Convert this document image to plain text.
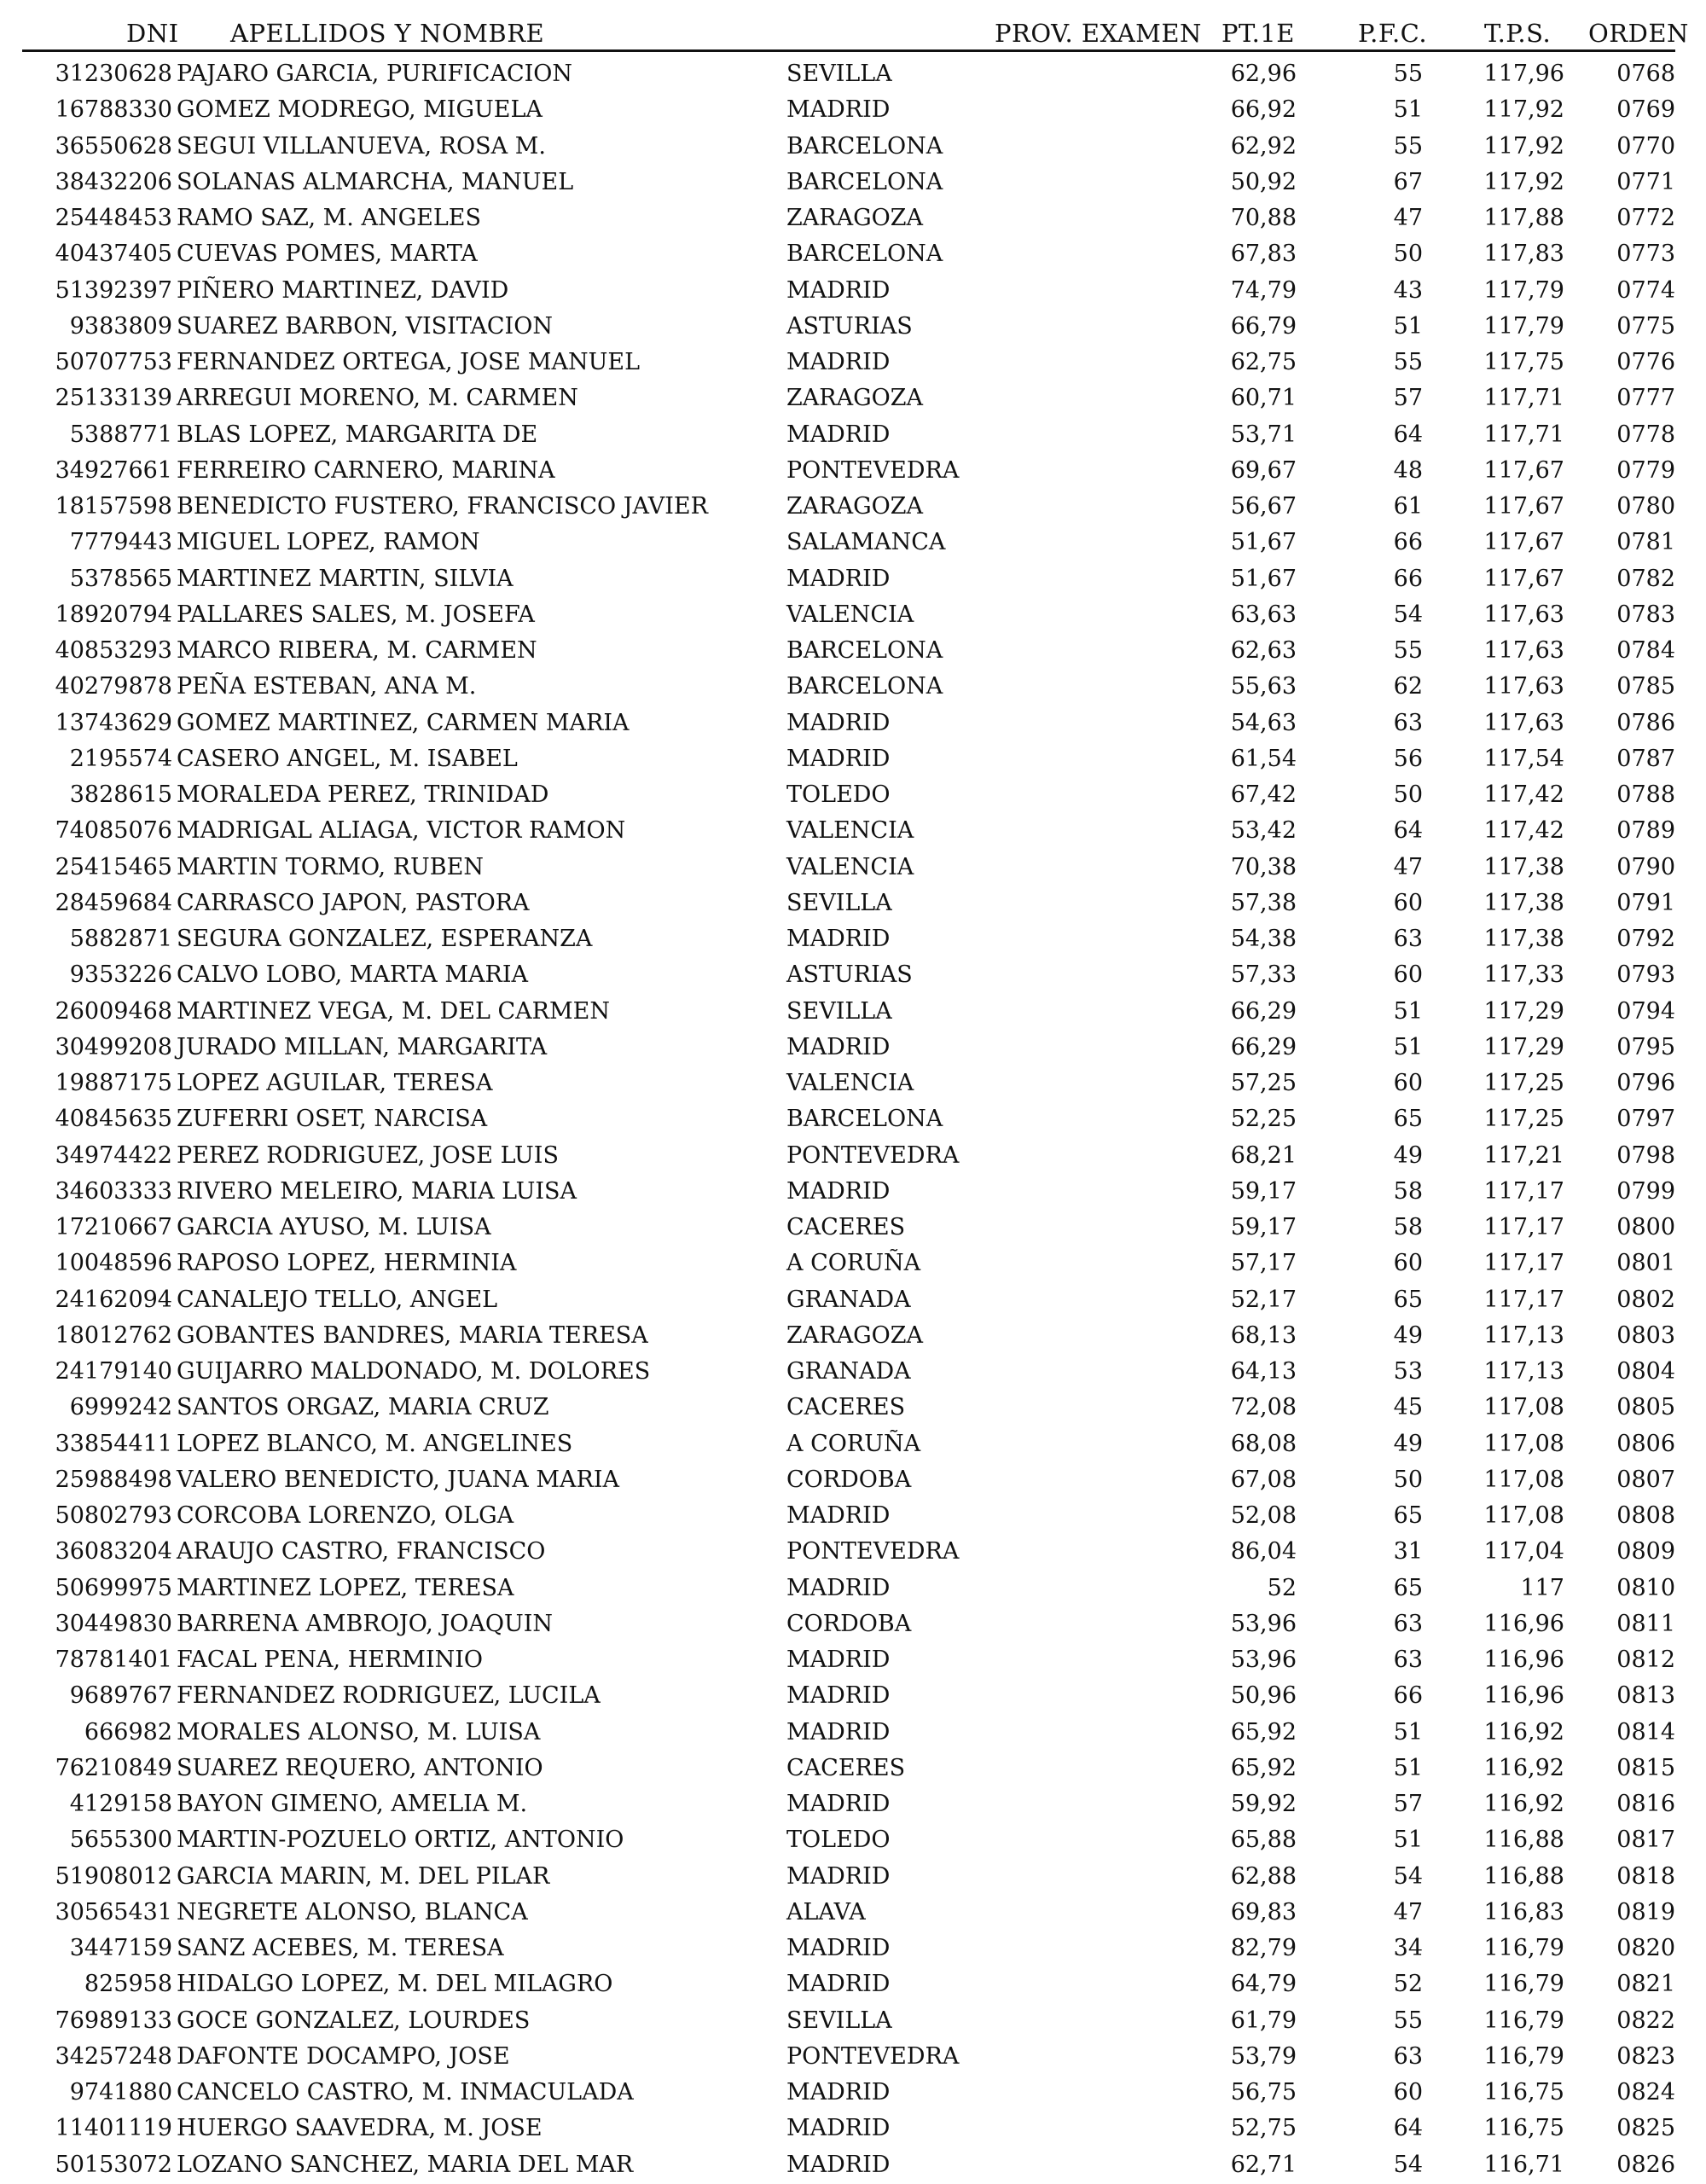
DNI APELLIDOS Y NOMBRE	PROV. EXAMEN PT.1E	P.F.C. T.P.S. ORDEN
31230628 PAJARO GARCIA, PURIFICACION	SEVILLA	62,96	55	117,96 0768
16788330 GOMEZ MODREGO, MIGUELA	MADRID	66,92	51	117,92 0769
36550628 SEGUI VILLANUEVA, ROSA M.	BARCELONA	62,92	55	117,92 0770
38432206 SOLANAS ALMARCHA, MANUEL	BARCELONA	50,92	67	117,92 0771
25448453 RAMO SAZ, M. ANGELES	ZARAGOZA	70,88	47	117,88 0772
40437405 CUEVAS POMES, MARTA	BARCELONA	67,83	50	117,83 0773
51392397 PIÑERO MARTINEZ, DAVID	MADRID	74,79	43	117,79 0774
9383809 SUAREZ BARBON, VISITACION	ASTURIAS	66,79	51	117,79 0775
50707753 FERNANDEZ ORTEGA, JOSE MANUEL	MADRID	62,75	55	117,75 0776
25133139 ARREGUI MORENO, M. CARMEN	ZARAGOZA	60,71	57	117,71 0777
5388771 BLAS LOPEZ, MARGARITA DE	MADRID	53,71	64	117,71 0778
34927661 FERREIRO CARNERO, MARINA	PONTEVEDRA	69,67	48	117,67 0779
18157598 BENEDICTO FUSTERO, FRANCISCO JAVIER	ZARAGOZA	56,67	61	117,67 0780
7779443 MIGUEL LOPEZ, RAMON	SALAMANCA	51,67	66	117,67 0781
5378565 MARTINEZ MARTIN, SILVIA	MADRID	51,67	66	117,67 0782
18920794 PALLARES SALES, M. JOSEFA	VALENCIA	63,63	54	117,63 0783
40853293 MARCO RIBERA, M. CARMEN	BARCELONA	62,63	55	117,63 0784
40279878 PEÑA ESTEBAN, ANA M.	BARCELONA	55,63	62	117,63 0785
13743629 GOMEZ MARTINEZ, CARMEN MARIA	MADRID	54,63	63	117,63 0786
2195574 CASERO ANGEL, M. ISABEL	MADRID	61,54	56	117,54 0787
3828615 MORALEDA PEREZ, TRINIDAD	TOLEDO	67,42	50	117,42 0788
74085076 MADRIGAL ALIAGA, VICTOR RAMON	VALENCIA	53,42	64	117,42 0789
25415465 MARTIN TORMO, RUBEN	VALENCIA	70,38	47	117,38 0790
28459684 CARRASCO JAPON, PASTORA	SEVILLA	57,38	60	117,38 0791
5882871 SEGURA GONZALEZ, ESPERANZA	MADRID	54,38	63	117,38 0792
9353226 CALVO LOBO, MARTA MARIA	ASTURIAS	57,33	60	117,33 0793
26009468 MARTINEZ VEGA, M. DEL CARMEN	SEVILLA	66,29	51	117,29 0794
30499208 JURADO MILLAN, MARGARITA	MADRID	66,29	51	117,29 0795
19887175 LOPEZ AGUILAR, TERESA	VALENCIA	57,25	60	117,25 0796
40845635 ZUFERRI OSET, NARCISA	BARCELONA	52,25	65	117,25 0797
34974422 PEREZ RODRIGUEZ, JOSE LUIS	PONTEVEDRA	68,21	49	117,21 0798
34603333 RIVERO MELEIRO, MARIA LUISA	MADRID	59,17	58	117,17 0799
17210667 GARCIA AYUSO, M. LUISA	CACERES	59,17	58	117,17 0800
10048596 RAPOSO LOPEZ, HERMINIA	A CORUÑA	57,17	60	117,17 0801
24162094 CANALEJO TELLO, ANGEL	GRANADA	52,17	65	117,17 0802
18012762 GOBANTES BANDRES, MARIA TERESA	ZARAGOZA	68,13	49	117,13 0803
24179140 GUIJARRO MALDONADO, M. DOLORES	GRANADA	64,13	53	117,13 0804
6999242 SANTOS ORGAZ, MARIA CRUZ	CACERES	72,08	45	117,08 0805
33854411 LOPEZ BLANCO, M. ANGELINES	A CORUÑA	68,08	49	117,08 0806
25988498 VALERO BENEDICTO, JUANA MARIA	CORDOBA	67,08	50	117,08 0807
50802793 CORCOBA LORENZO, OLGA	MADRID	52,08	65	117,08 0808
36083204 ARAUJO CASTRO, FRANCISCO	PONTEVEDRA	86,04	31	117,04 0809
50699975 MARTINEZ LOPEZ, TERESA	MADRID	52	65	117 0810
30449830 BARRENA AMBROJO, JOAQUIN	CORDOBA	53,96	63	116,96 0811
78781401 FACAL PENA, HERMINIO	MADRID	53,96	63	116,96 0812
9689767 FERNANDEZ RODRIGUEZ, LUCILA	MADRID	50,96	66	116,96 0813
666982 MORALES ALONSO, M. LUISA	MADRID	65,92	51	116,92 0814
76210849 SUAREZ REQUERO, ANTONIO	CACERES	65,92	51	116,92 0815
4129158 BAYON GIMENO, AMELIA M.	MADRID	59,92	57	116,92 0816
5655300 MARTIN-POZUELO ORTIZ, ANTONIO	TOLEDO	65,88	51	116,88 0817
51908012 GARCIA MARIN, M. DEL PILAR	MADRID	62,88	54	116,88 0818
30565431 NEGRETE ALONSO, BLANCA	ALAVA	69,83	47	116,83 0819
3447159 SANZ ACEBES, M. TERESA	MADRID	82,79	34	116,79 0820
825958 HIDALGO LOPEZ, M. DEL MILAGRO	MADRID	64,79	52	116,79 0821
76989133 GOCE GONZALEZ, LOURDES	SEVILLA	61,79	55	116,79 0822
34257248 DAFONTE DOCAMPO, JOSE	PONTEVEDRA	53,79	63	116,79 0823
9741880 CANCELO CASTRO, M. INMACULADA	MADRID	56,75	60	116,75 0824
11401119 HUERGO SAAVEDRA, M. JOSE	MADRID	52,75	64	116,75 0825
50153072 LOZANO SANCHEZ, MARIA DEL MAR	MADRID	62,71	54	116,71 0826
